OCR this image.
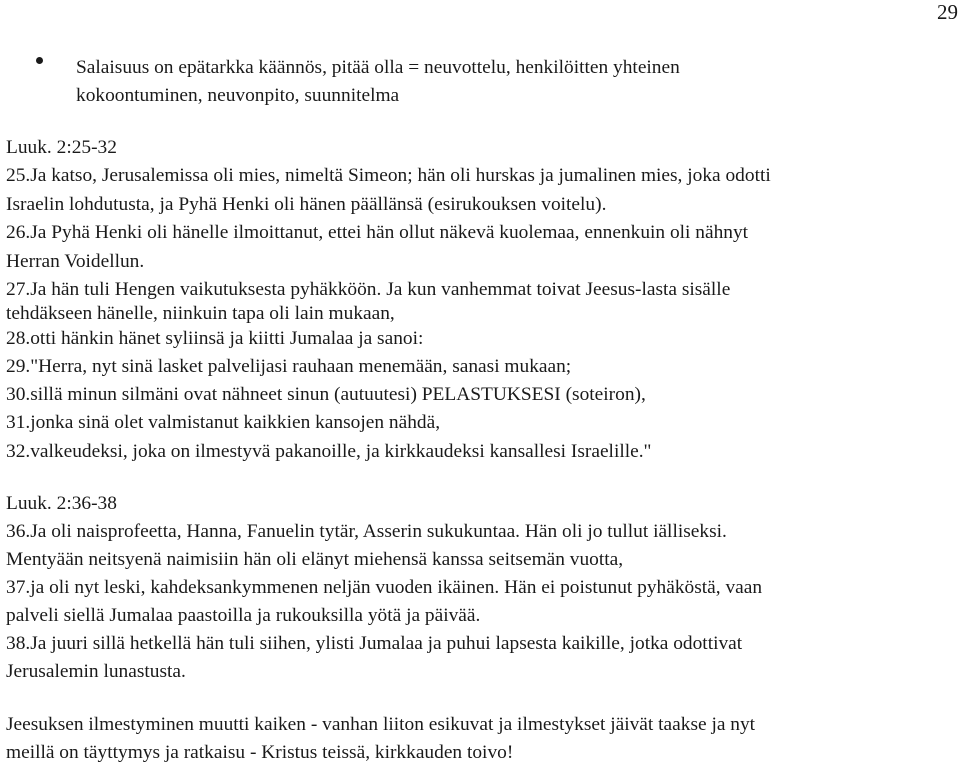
29
Salaisuus on epätarkka käännös, pitää olla = neuvottelu, henkilöitten yhteinen
kokoontuminen, neuvonpito, suunnitelma
Luuk. 2:25-32
25.Ja katso, Jerusalemissa oli mies, nimeltä Simeon; hän oli hurskas ja jumalinen mies, joka odotti
Israelin lohdutusta, ja Pyhä Henki oli hänen päällänsä (esirukouksen voitelu).
26.Ja Pyhä Henki oli hänelle ilmoittanut, ettei hän ollut näkevä kuolemaa, ennenkuin oli nähnyt
Herran Voidellun.
27.Ja hän tuli Hengen vaikutuksesta pyhäkköön. Ja kun vanhemmat toivat Jeesus-lasta sisälle
tehdäkseen hänelle, niinkuin tapa oli lain mukaan,
28.otti hänkin hänet syliinsä ja kiitti Jumalaa ja sanoi:
29."Herra, nyt sinä lasket palvelijasi rauhaan menemään, sanasi mukaan;
30.sillä minun silmäni ovat nähneet sinun (autuutesi) PELASTUKSESI (soteiron),
31.jonka sinä olet valmistanut kaikkien kansojen nähdä,
32.valkeudeksi, joka on ilmestyvä pakanoille, ja kirkkaudeksi kansallesi Israelille."
Luuk. 2:36-38
36.Ja oli naisprofeetta, Hanna, Fanuelin tytär, Asserin sukukuntaa. Hän oli jo tullut iälliseksi.
Mentyään neitsyenä naimisiin hän oli elänyt miehensä kanssa seitsemän vuotta,
37.ja oli nyt leski, kahdeksankymmenen neljän vuoden ikäinen. Hän ei poistunut pyhäköstä, vaan
palveli siellä Jumalaa paastoilla ja rukouksilla yötä ja päivää.
38.Ja juuri sillä hetkellä hän tuli siihen, ylisti Jumalaa ja puhui lapsesta kaikille, jotka odottivat
Jerusalemin lunastusta.
Jeesuksen ilmestyminen muutti kaiken - vanhan liiton esikuvat ja ilmestykset jäivät taakse ja nyt
meillä on täyttymys ja ratkaisu - Kristus teissä, kirkkauden toivo!
